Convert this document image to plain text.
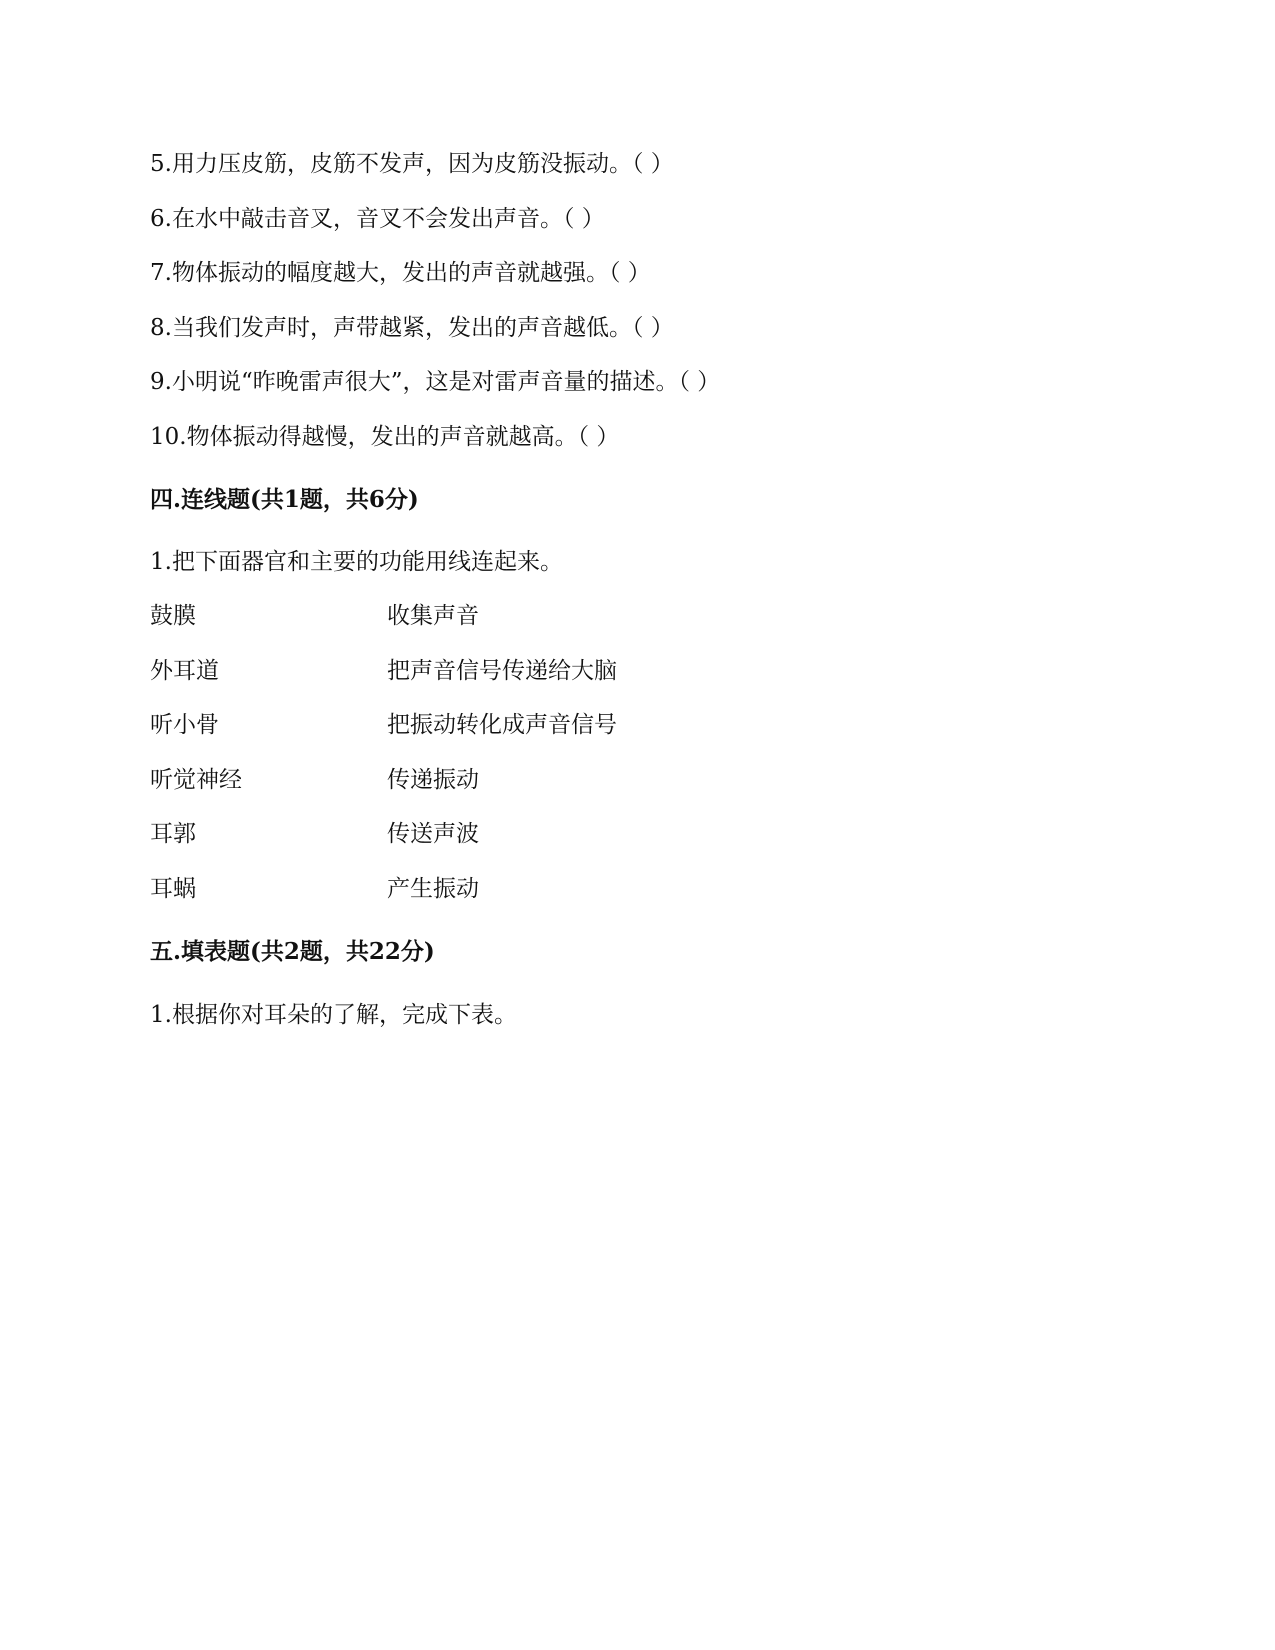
5.用力压皮筋，皮筋不发声，因为皮筋没振动。（ ）
6.在水中敲击音叉，音叉不会发出声音。（ ）
7.物体振动的幅度越大，发出的声音就越强。（ ）
8.当我们发声时，声带越紧，发出的声音越低。（ ）
9.小明说“昨晚雷声很大”，这是对雷声音量的描述。（ ）
10.物体振动得越慢，发出的声音就越高。（ ）
四.连线题(共1题，共6分)
1.把下面器官和主要的功能用线连起来。
鼓膜	收集声音
外耳道	把声音信号传递给大脑
听小骨	把振动转化成声音信号
听觉神经	传递振动
耳郭	传送声波
耳蜗	产生振动
五.填表题(共2题，共22分)
1.根据你对耳朵的了解，完成下表。
